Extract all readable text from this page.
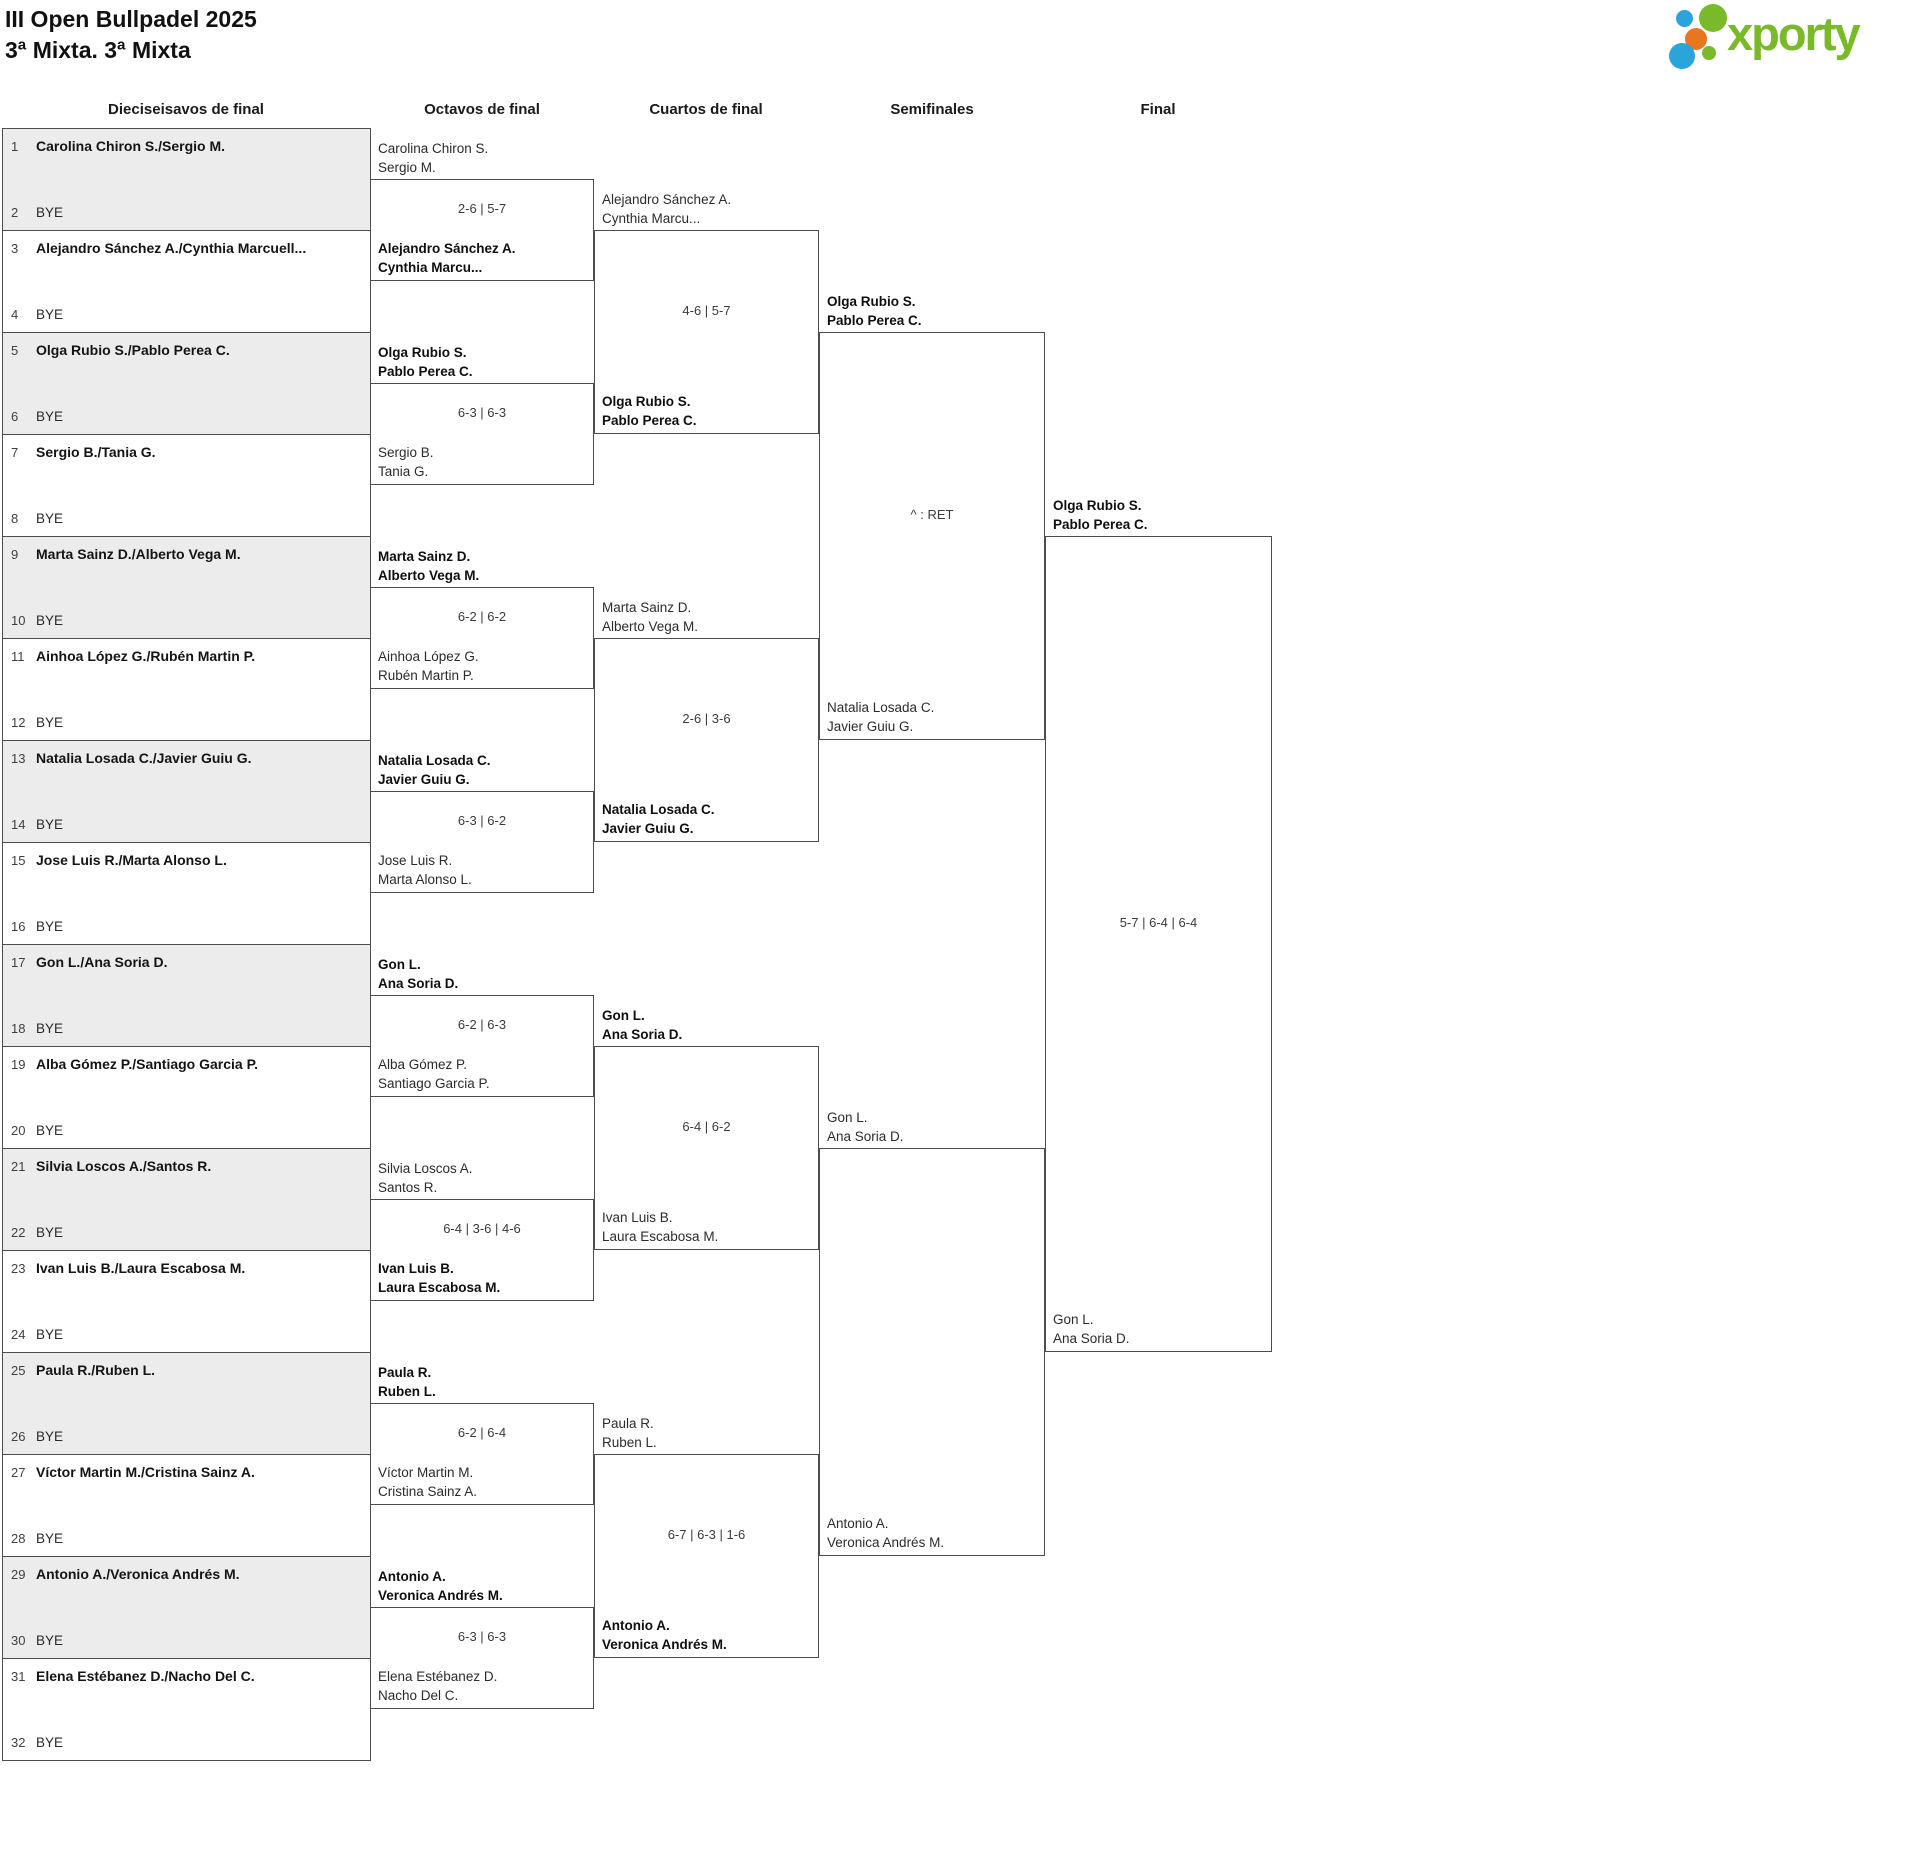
III Open Bullpadel 2025
3ª Mixta. 3ª Mixta	xporty
1 Carolina Chiron S./Sergio M.
2 BYE
3 Alejandro Sánchez A./Cynthia Marcuell...
4 BYE
5 Olga Rubio S./Pablo Perea C.
6 BYE
7 Sergio B./Tania G.
8 BYE
9 Marta Sainz D./Alberto Vega M.
10 BYE
11 Ainhoa López G./Rubén Martin P.
12 BYE
13 Natalia Losada C./Javier Guiu G.
14 BYE
15 Jose Luis R./Marta Alonso L.
16 BYE
17 Gon L./Ana Soria D.
18 BYE
19 Alba Gómez P./Santiago Garcia P.
20 BYE
21 Silvia Loscos A./Santos R.
22 BYE
23 Ivan Luis B./Laura Escabosa M.
24 BYE
25 Paula R./Ruben L.
26 BYE
27 Víctor Martin M./Cristina Sainz A.
28 BYE
29 Antonio A./Veronica Andrés M.
30 BYE
31 Elena Estébanez D./Nacho Del C.
32 BYE
Carolina Chiron S.
Sergio M.
Alejandro Sánchez A.
Cynthia Marcu...
2-6 | 5-7
Olga Rubio S.
Pablo Perea C.
Sergio B.
Tania G.
6-3 | 6-3
Marta Sainz D.
Alberto Vega M.
Ainhoa López G.
Rubén Martin P.
6-2 | 6-2
Natalia Losada C.
Javier Guiu G.
Jose Luis R.
Marta Alonso L.
6-3 | 6-2
Gon L.
Ana Soria D.
Alba Gómez P.
Santiago Garcia P.
6-2 | 6-3
Silvia Loscos A.
Santos R.
Ivan Luis B.
Laura Escabosa M.
6-4 | 3-6 | 4-6
Paula R.
Ruben L.
Víctor Martin M.
Cristina Sainz A.
6-2 | 6-4
Antonio A.
Veronica Andrés M.
Elena Estébanez D.
Nacho Del C.
6-3 | 6-3
Alejandro Sánchez A.
Cynthia Marcu...
Olga Rubio S.
Pablo Perea C.
4-6 | 5-7
Marta Sainz D.
Alberto Vega M.
Natalia Losada C.
Javier Guiu G.
2-6 | 3-6
Gon L.
Ana Soria D.
Ivan Luis B.
Laura Escabosa M.
6-4 | 6-2
Paula R.
Ruben L.
Antonio A.
Veronica Andrés M.
6-7 | 6-3 | 1-6
Olga Rubio S.
Pablo Perea C.
Natalia Losada C.
Javier Guiu G.
^ : RET
Gon L.
Ana Soria D.
Antonio A.
Veronica Andrés M.
Olga Rubio S.
Pablo Perea C.
Gon L.
Ana Soria D.
5-7 | 6-4 | 6-4
Dieciseisavos de final	Octavos de final	Cuartos de final	Semifinales	Final
